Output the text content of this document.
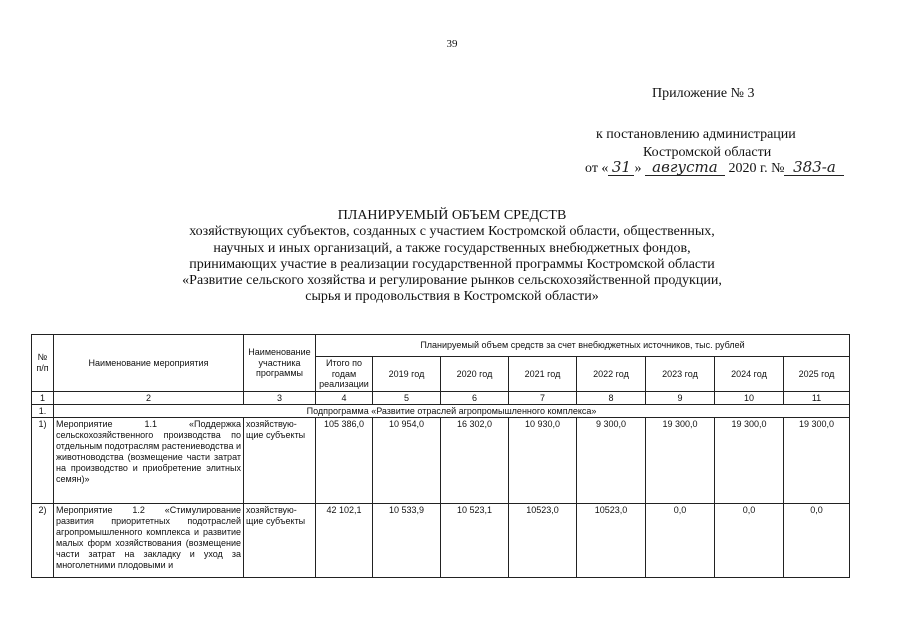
39
Приложение № 3
к постановлению администрации
Костромской области
от « 31 » августа 2020 г. № 383-а
ПЛАНИРУЕМЫЙ ОБЪЕМ СРЕДСТВ
хозяйствующих субъектов, созданных с участием Костромской области, общественных,
научных и иных организаций, а также государственных внебюджетных фондов,
принимающих участие в реализации государственной программы Костромской области
«Развитие сельского хозяйства и регулирование рынков сельскохозяйственной продукции,
сырья и продовольствия в Костромской области»
№ п/п	Наименование мероприятия	Наименование участника программы	Планируемый объем средств за счет внебюджетных источников, тыс. рублей							
			Итого по годам реализации	2019 год	2020 год	2021 год	2022 год	2023 год	2024 год	2025 год
1	2	3	4	5	6	7	8	9	10	11
1.	Подпрограмма «Развитие отраслей агропромышленного комплекса»									
1)	Мероприятие 1.1 «Поддержка сельскохозяйственного производства по отдельным подотраслям растениеводства и животноводства (возмещение части затрат на производство и приобретение элитных семян)»	хозяйствую-щие субъекты	105 386,0	10 954,0	16 302,0	10 930,0	9 300,0	19 300,0	19 300,0	19 300,0
2)	Мероприятие 1.2 «Стимулирование развития приоритетных подотраслей агропромышленного комплекса и развитие малых форм хозяйствования (возмещение части затрат на закладку и уход за многолетними плодовыми и	хозяйствую-щие субъекты	42 102,1	10 533,9	10 523,1	10523,0	10523,0	0,0	0,0	0,0
